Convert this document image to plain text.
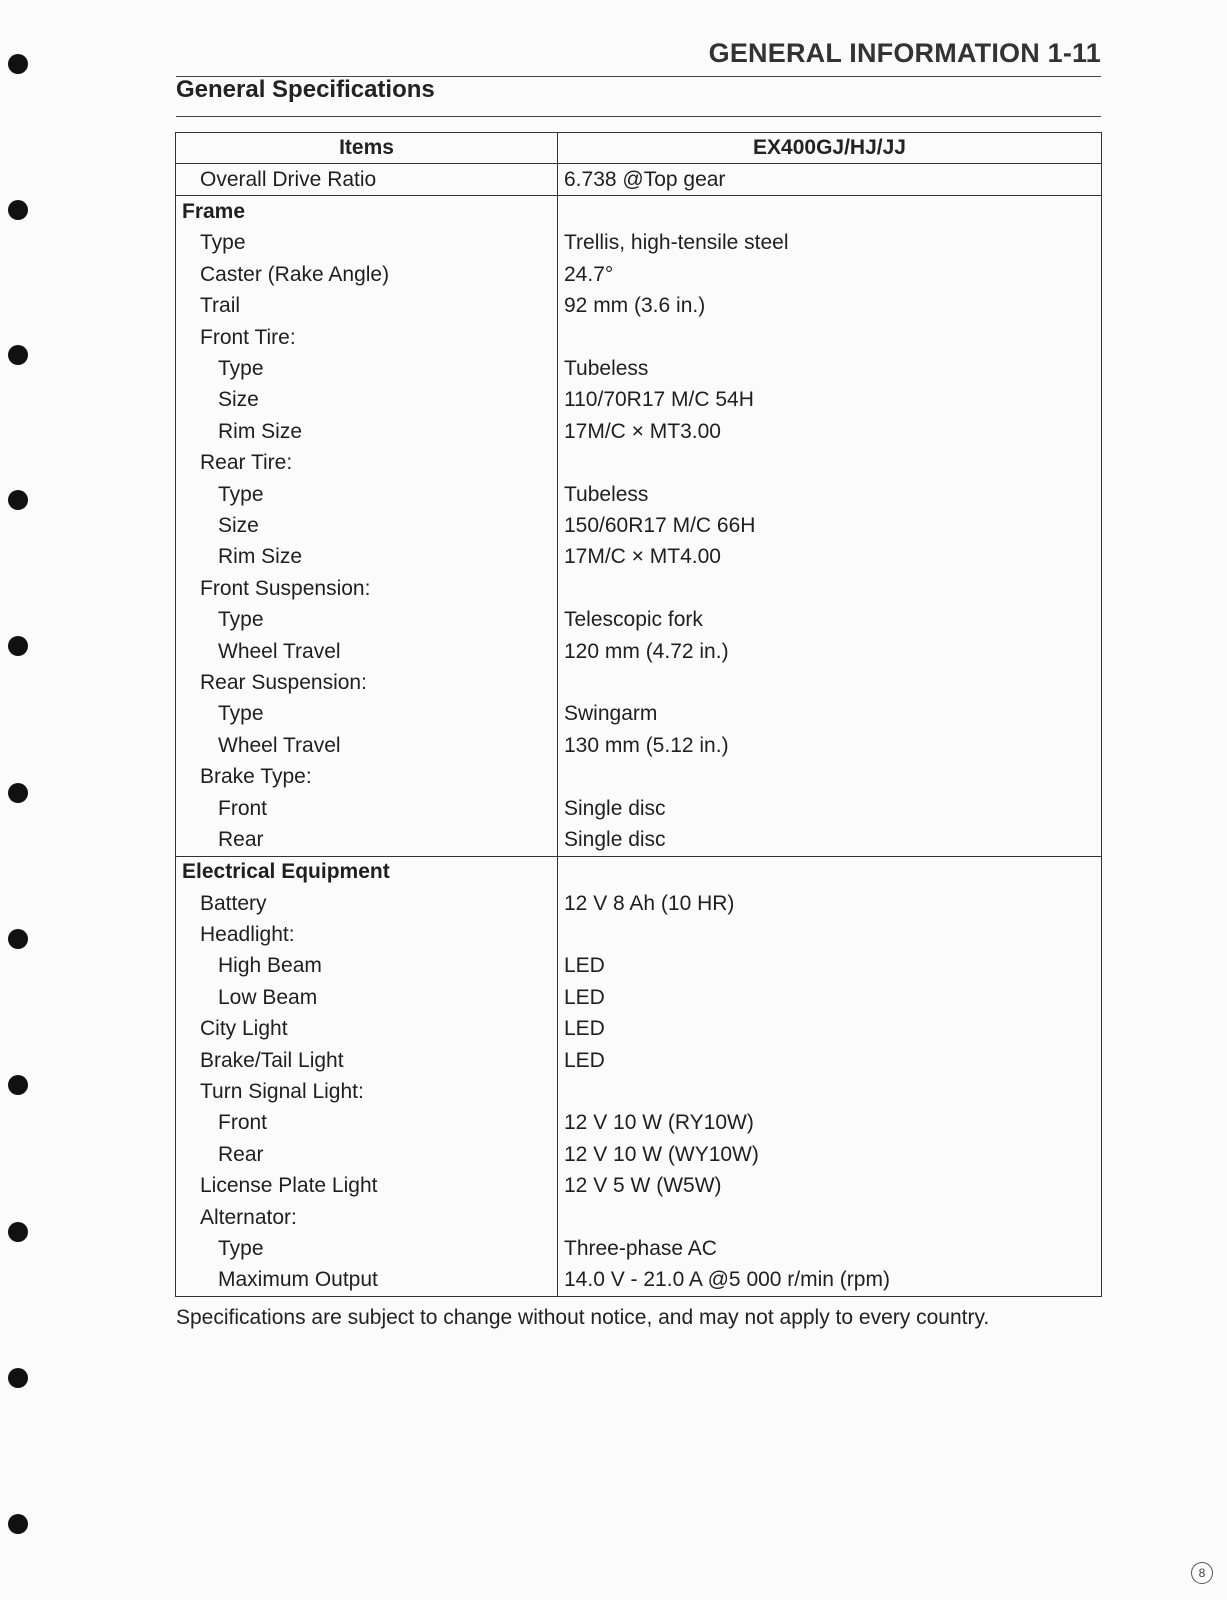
GENERAL INFORMATION 1-11
General Specifications
Items	EX400GJ/HJ/JJ
Overall Drive Ratio	6.738 @Top gear
Frame	
Type	Trellis, high-tensile steel
Caster (Rake Angle)	24.7°
Trail	92 mm (3.6 in.)
Front Tire:	
Type	Tubeless
Size	110/70R17 M/C 54H
Rim Size	17M/C × MT3.00
Rear Tire:	
Type	Tubeless
Size	150/60R17 M/C 66H
Rim Size	17M/C × MT4.00
Front Suspension:	
Type	Telescopic fork
Wheel Travel	120 mm (4.72 in.)
Rear Suspension:	
Type	Swingarm
Wheel Travel	130 mm (5.12 in.)
Brake Type:	
Front	Single disc
Rear	Single disc
Electrical Equipment	
Battery	12 V 8 Ah (10 HR)
Headlight:	
High Beam	LED
Low Beam	LED
City Light	LED
Brake/Tail Light	LED
Turn Signal Light:	
Front	12 V 10 W (RY10W)
Rear	12 V 10 W (WY10W)
License Plate Light	12 V 5 W (W5W)
Alternator:	
Type	Three-phase AC
Maximum Output	14.0 V - 21.0 A @5 000 r/min (rpm)
Specifications are subject to change without notice, and may not apply to every country.
8
